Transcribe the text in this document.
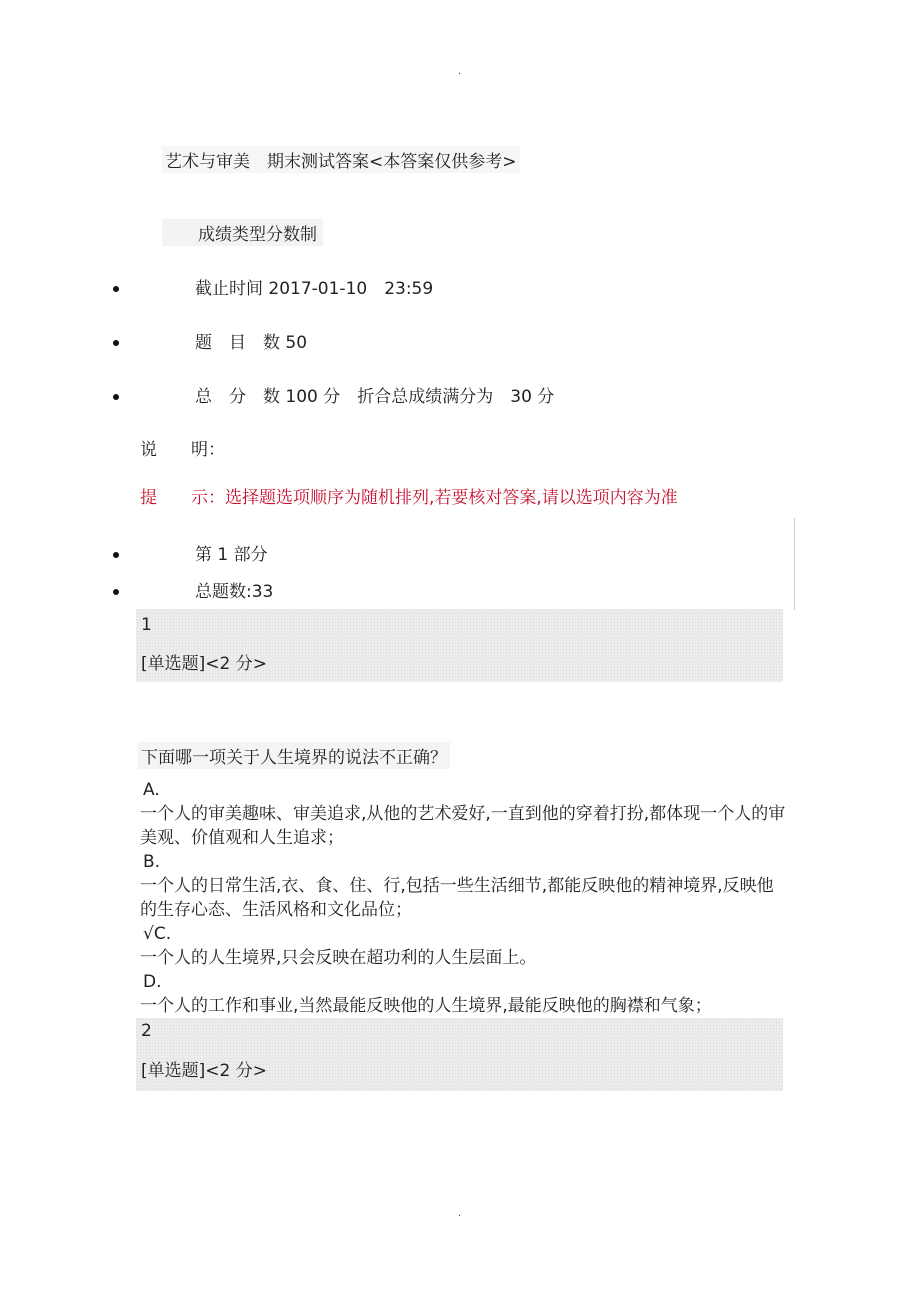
.
艺术与审美　期末测试答案<本答案仅供参考>
成绩类型分数制
截止时间 2017-01-10　23:59
题　目　数 50
总　分　数 100 分　折合总成绩满分为　30 分
说　　明：
提　　示：选择题选项顺序为随机排列,若要核对答案,请以选项内容为准
第 1 部分
总题数:33
1
[单选题]<2 分>
下面哪一项关于人生境界的说法不正确？
A.
一个人的审美趣味、审美追求,从他的艺术爱好,一直到他的穿着打扮,都体现一个人的审美观、价值观和人生追求；
B.
一个人的日常生活,衣、食、住、行,包括一些生活细节,都能反映他的精神境界,反映他的生存心态、生活风格和文化品位；
√C.
一个人的人生境界,只会反映在超功利的人生层面上。
D.
一个人的工作和事业,当然最能反映他的人生境界,最能反映他的胸襟和气象；
2
[单选题]<2 分>
.
